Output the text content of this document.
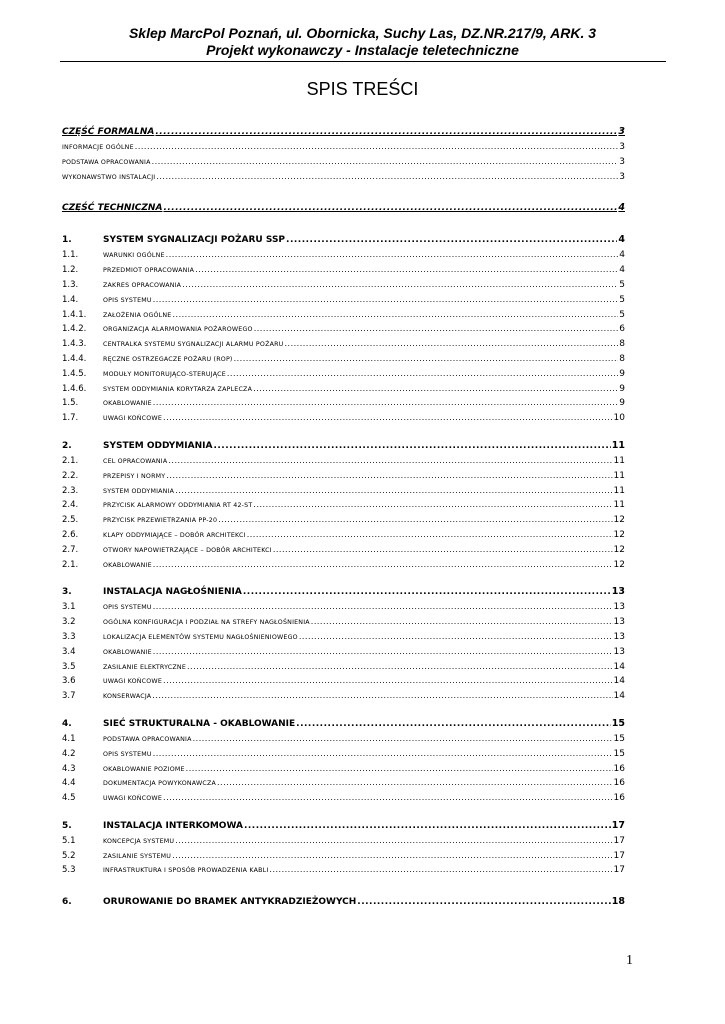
Sklep MarcPol Poznań, ul. Obornicka, Suchy Las, DZ.NR.217/9, ARK. 3
Projekt wykonawczy - Instalacje teletechniczne
SPIS TREŚCI
CZĘŚĆ FORMALNA .....	3
INFORMACJE OGÓLNE .....	3
PODSTAWA OPRACOWANIA .....	3
WYKONAWSTWO INSTALACJI .....	3
CZĘŚĆ TECHNICZNA .....	4
1.	SYSTEM SYGNALIZACJI POŻARU SSP .....	4
1.1.	WARUNKI OGÓLNE .....	4
1.2.	PRZEDMIOT OPRACOWANIA .....	4
1.3.	ZAKRES OPRACOWANIA .....	5
1.4.	OPIS SYSTEMU .....	5
1.4.1.	ZAŁOŻENIA OGÓLNE .....	5
1.4.2.	ORGANIZACJA ALARMOWANIA POŻAROWEGO .....	6
1.4.3.	CENTRALKA SYSTEMU SYGNALIZACJI ALARMU POŻARU .....	8
1.4.4.	RĘCZNE OSTRZEGACZE POŻARU (ROP) .....	8
1.4.5.	MODUŁY MONITORUJĄCO-STERUJĄCE .....	9
1.4.6.	SYSTEM ODDYMIANIA KORYTARZA ZAPLECZA .....	9
1.5.	OKABLOWANIE .....	9
1.7.	UWAGI KOŃCOWE .....	10
2.	SYSTEM ODDYMIANIA .....	11
2.1.	CEL OPRACOWANIA .....	11
2.2.	PRZEPISY I NORMY .....	11
2.3.	SYSTEM ODDYMIANIA .....	11
2.4.	PRZYCISK ALARMOWY ODDYMIANIA RT 42-ST .....	11
2.5.	PRZYCISK PRZEWIETRZANIA PP-20 .....	12
2.6.	KLAPY ODDYMIAJĄCE – DOBÓR ARCHITEKCI .....	12
2.7.	OTWORY NAPOWIETRZAJĄCE – DOBÓR ARCHITEKCI .....	12
2.1.	OKABLOWANIE .....	12
3.	INSTALACJA NAGŁOŚNIENIA .....	13
3.1	OPIS SYSTEMU .....	13
3.2	OGÓLNA KONFIGURACJA I PODZIAŁ NA STREFY NAGŁOŚNIENIA .....	13
3.3	LOKALIZACJA ELEMENTÓW SYSTEMU NAGŁOŚNIENIOWEGO .....	13
3.4	OKABLOWANIE .....	13
3.5	ZASILANIE ELEKTRYCZNE .....	14
3.6	UWAGI KOŃCOWE .....	14
3.7	KONSERWACJA .....	14
4.	SIEĆ STRUKTURALNA - OKABLOWANIE .....	15
4.1	PODSTAWA OPRACOWANIA .....	15
4.2	OPIS SYSTEMU .....	15
4.3	OKABLOWANIE POZIOME .....	16
4.4	DOKUMENTACJA POWYKONAWCZA .....	16
4.5	UWAGI KOŃCOWE .....	16
5.	INSTALACJA INTERKOMOWA .....	17
5.1	KONCEPCJA SYSTEMU .....	17
5.2	ZASILANIE SYSTEMU .....	17
5.3	INFRASTRUKTURA I SPOSÓB PROWADZENIA KABLI .....	17
6.	ORUROWANIE DO BRAMEK ANTYKRADZIEŻOWYCH .....	18
1
